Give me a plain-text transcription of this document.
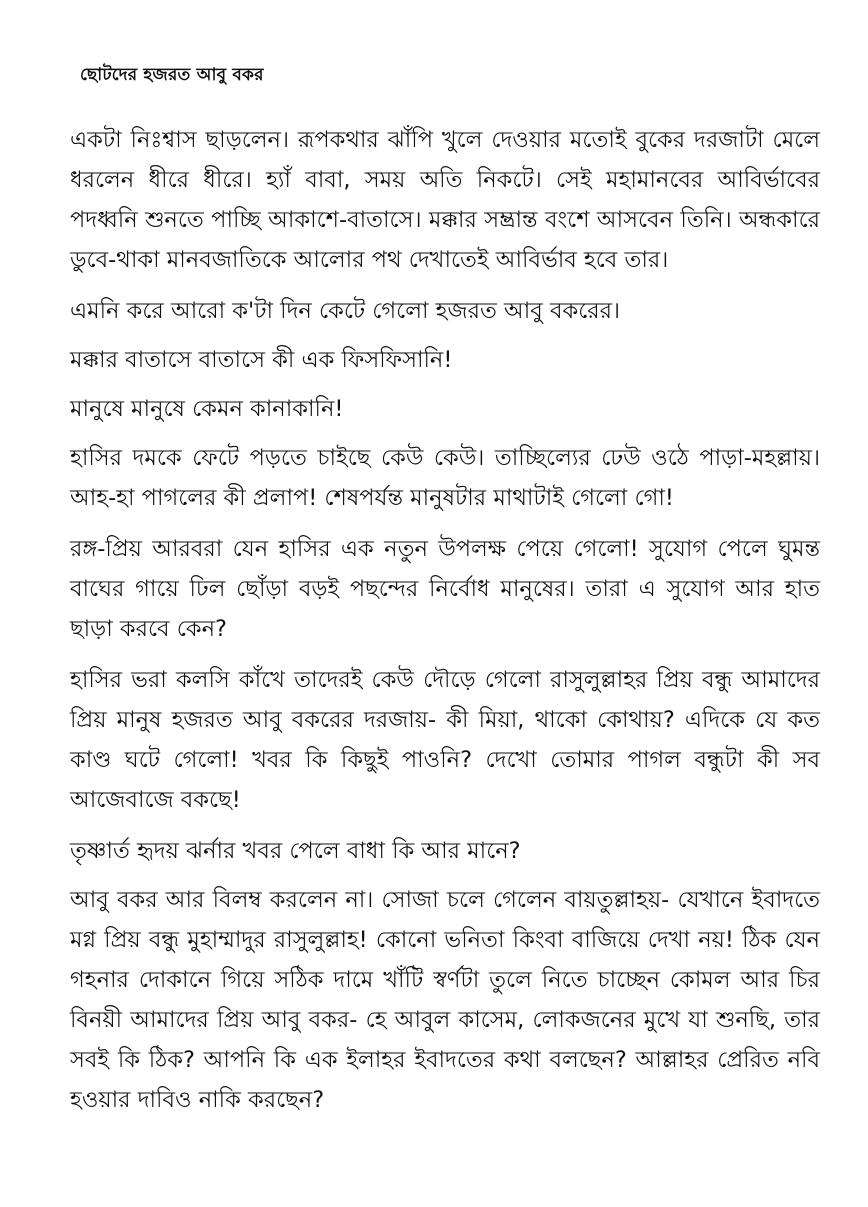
ছোটদের হজরত আবু বকর

একটা নিঃশ্বাস ছাড়লেন। রূপকথার ঝাঁপি খুলে দেওয়ার মতোই বুকের দরজাটা মেলে ধরলেন ধীরে ধীরে। হ্যাঁ বাবা, সময় অতি নিকটে। সেই মহামানবের আবির্ভাবের পদধ্বনি শুনতে পাচ্ছি আকাশে-বাতাসে। মক্কার সম্ভ্রান্ত বংশে আসবেন তিনি। অন্ধকারে ডুবে-থাকা মানবজাতিকে আলোর পথ দেখাতেই আবির্ভাব হবে তার।

এমনি করে আরো ক'টা দিন কেটে গেলো হজরত আবু বকরের।

মক্কার বাতাসে বাতাসে কী এক ফিসফিসানি!

মানুষে মানুষে কেমন কানাকানি!

হাসির দমকে ফেটে পড়তে চাইছে কেউ কেউ। তাচ্ছিল্যের ঢেউ ওঠে পাড়া-মহল্লায়। আহ-হা পাগলের কী প্রলাপ! শেষপর্যন্ত মানুষটার মাথাটাই গেলো গো!

রঙ্গ-প্রিয় আরবরা যেন হাসির এক নতুন উপলক্ষ পেয়ে গেলো! সুযোগ পেলে ঘুমন্ত বাঘের গায়ে ঢিল ছোঁড়া বড়ই পছন্দের নির্বোধ মানুষের। তারা এ সুযোগ আর হাত ছাড়া করবে কেন?

হাসির ভরা কলসি কাঁখে তাদেরই কেউ দৌড়ে গেলো রাসুলুল্লাহর প্রিয় বন্ধু আমাদের প্রিয় মানুষ হজরত আবু বকরের দরজায়- কী মিয়া, থাকো কোথায়? এদিকে যে কত কাণ্ড ঘটে গেলো! খবর কি কিছুই পাওনি? দেখো তোমার পাগল বন্ধুটা কী সব আজেবাজে বকছে!

তৃষ্ণার্ত হৃদয় ঝর্নার খবর পেলে বাধা কি আর মানে?

আবু বকর আর বিলম্ব করলেন না। সোজা চলে গেলেন বায়তুল্লাহয়- যেখানে ইবাদতে মগ্ন প্রিয় বন্ধু মুহাম্মাদুর রাসুলুল্লাহ! কোনো ভনিতা কিংবা বাজিয়ে দেখা নয়! ঠিক যেন গহনার দোকানে গিয়ে সঠিক দামে খাঁটি স্বর্ণটা তুলে নিতে চাচ্ছেন কোমল আর চির বিনয়ী আমাদের প্রিয় আবু বকর- হে আবুল কাসেম, লোকজনের মুখে যা শুনছি, তার সবই কি ঠিক? আপনি কি এক ইলাহর ইবাদতের কথা বলছেন? আল্লাহর প্রেরিত নবি হওয়ার দাবিও নাকি করছেন?
